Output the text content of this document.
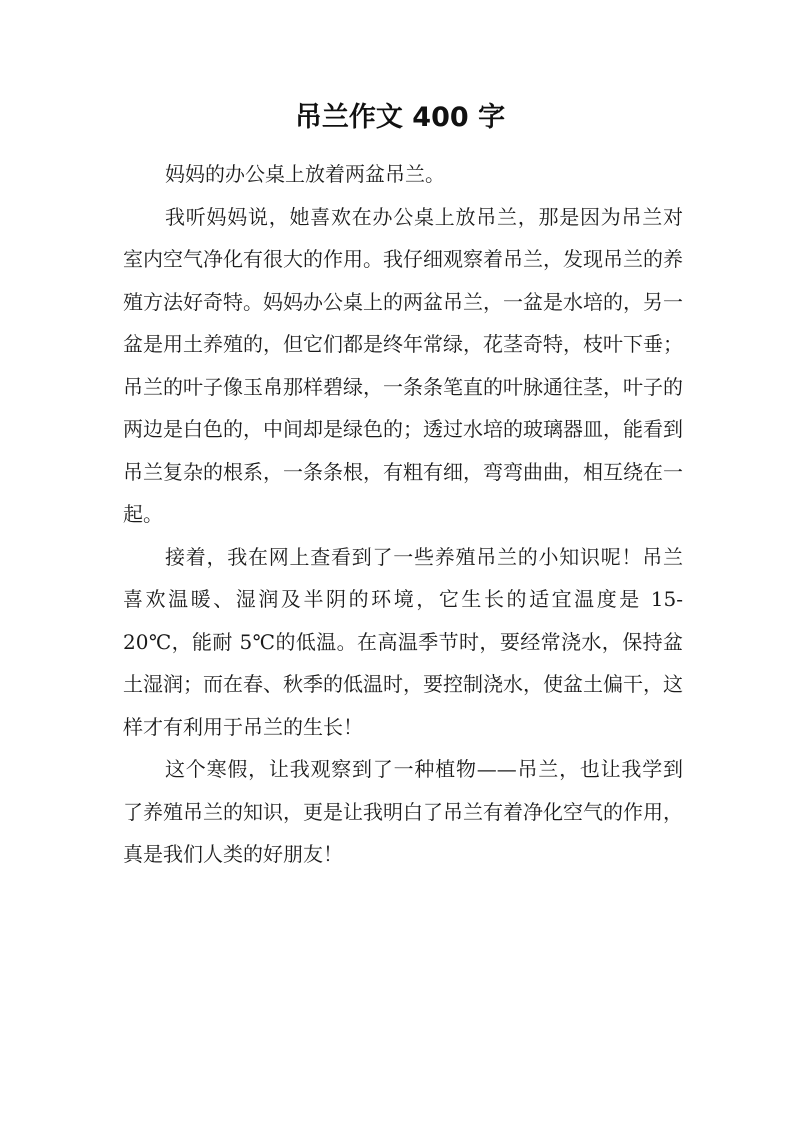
吊兰作文 400 字

妈妈的办公桌上放着两盆吊兰。

我听妈妈说，她喜欢在办公桌上放吊兰，那是因为吊兰对室内空气净化有很大的作用。我仔细观察着吊兰，发现吊兰的养殖方法好奇特。妈妈办公桌上的两盆吊兰，一盆是水培的，另一盆是用土养殖的，但它们都是终年常绿，花茎奇特，枝叶下垂；吊兰的叶子像玉帛那样碧绿，一条条笔直的叶脉通往茎，叶子的两边是白色的，中间却是绿色的；透过水培的玻璃器皿，能看到吊兰复杂的根系，一条条根，有粗有细，弯弯曲曲，相互绕在一起。

接着，我在网上查看到了一些养殖吊兰的小知识呢！吊兰喜欢温暖、湿润及半阴的环境，它生长的适宜温度是 15-20℃，能耐 5℃的低温。在高温季节时，要经常浇水，保持盆土湿润；而在春、秋季的低温时，要控制浇水，使盆土偏干，这样才有利用于吊兰的生长！

这个寒假，让我观察到了一种植物——吊兰，也让我学到了养殖吊兰的知识，更是让我明白了吊兰有着净化空气的作用，真是我们人类的好朋友！
